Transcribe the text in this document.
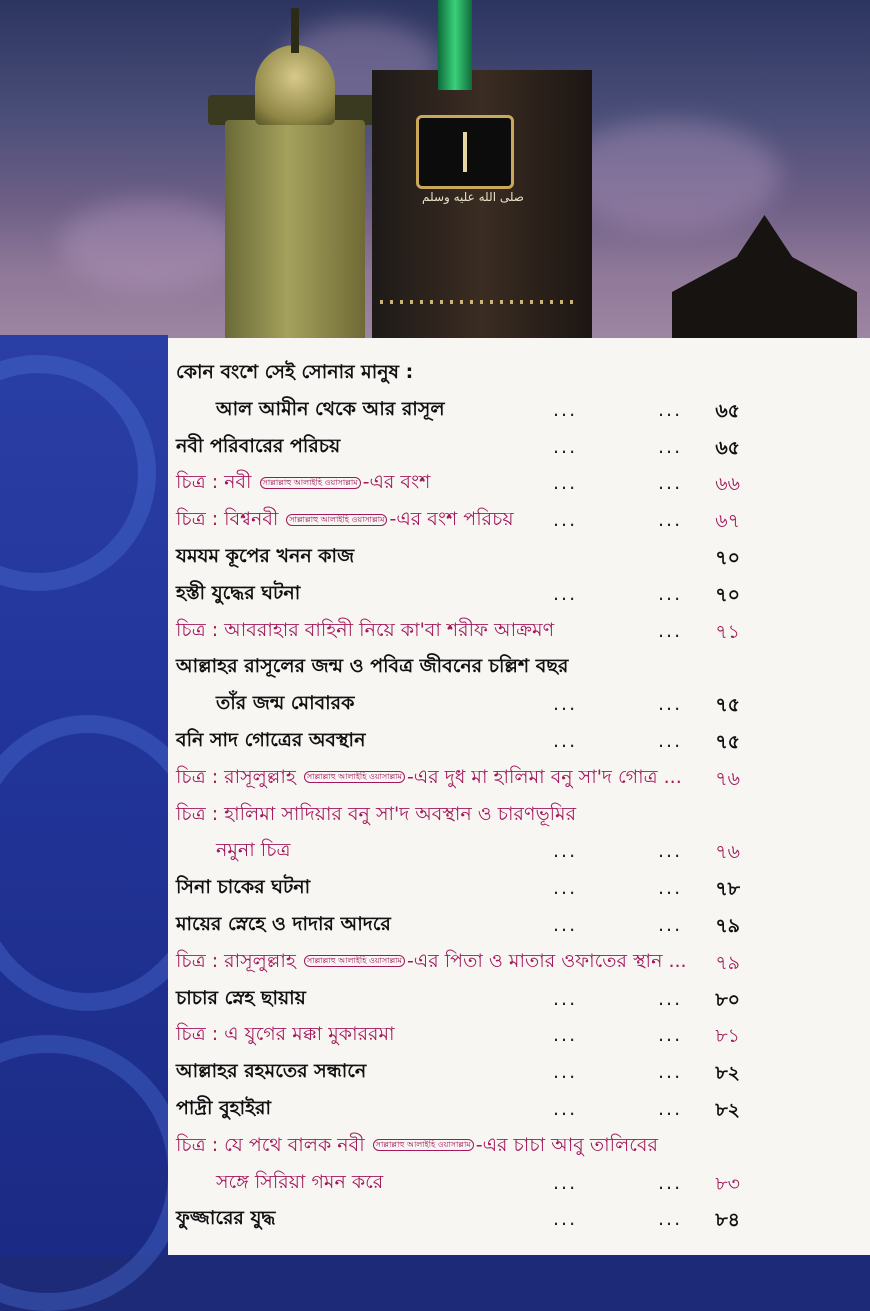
صلى الله عليه وسلم
কোন বংশে সেই সোনার মানুষ :
আল আমীন থেকে আর রাসূল	...	...	৬৫
নবী পরিবারের পরিচয়	...	...	৬৫
চিত্র : নবী সাল্লাল্লাহু আলাইহি ওয়াসাল্লাম -এর বংশ	...	...	৬৬
চিত্র : বিশ্বনবী সাল্লাল্লাহু আলাইহি ওয়াসাল্লাম -এর বংশ পরিচয় ...	...	৬৭
যমযম কূপের খনন কাজ	৭০
হস্তী যুদ্ধের ঘটনা	...	...	৭০
চিত্র : আবরাহার বাহিনী নিয়ে কা'বা শরীফ আক্রমণ	...	৭১
আল্লাহর রাসূলের জন্ম ও পবিত্র জীবনের চল্লিশ বছর
তাঁর জন্ম মোবারক	...	...	৭৫
বনি সাদ গোত্রের অবস্থান	...	...	৭৫
চিত্র : রাসূলুল্লাহ সাল্লাল্লাহু আলাইহি ওয়াসাল্লাম -এর দুধ মা হালিমা বনু সা'দ গোত্র ...	৭৬
চিত্র : হালিমা সাদিয়ার বনু সা'দ অবস্থান ও চারণভূমির
নমুনা চিত্র	...	...	৭৬
সিনা চাকের ঘটনা	...	...	৭৮
মায়ের স্নেহে ও দাদার আদরে	...	...	৭৯
চিত্র : রাসূলুল্লাহ সাল্লাল্লাহু আলাইহি ওয়াসাল্লাম -এর পিতা ও মাতার ওফাতের স্থান ...	৭৯
চাচার স্নেহ ছায়ায়	...	...	৮০
চিত্র : এ যুগের মক্কা মুকাররমা	...	...	৮১
আল্লাহর রহমতের সন্ধানে	...	...	৮২
পাদ্রী বুহাইরা	...	...	৮২
চিত্র : যে পথে বালক নবী সাল্লাল্লাহু আলাইহি ওয়াসাল্লাম -এর চাচা আবু তালিবের
সঙ্গে সিরিয়া গমন করে	...	...	৮৩
ফুজ্জারের যুদ্ধ	...	...	৮৪
